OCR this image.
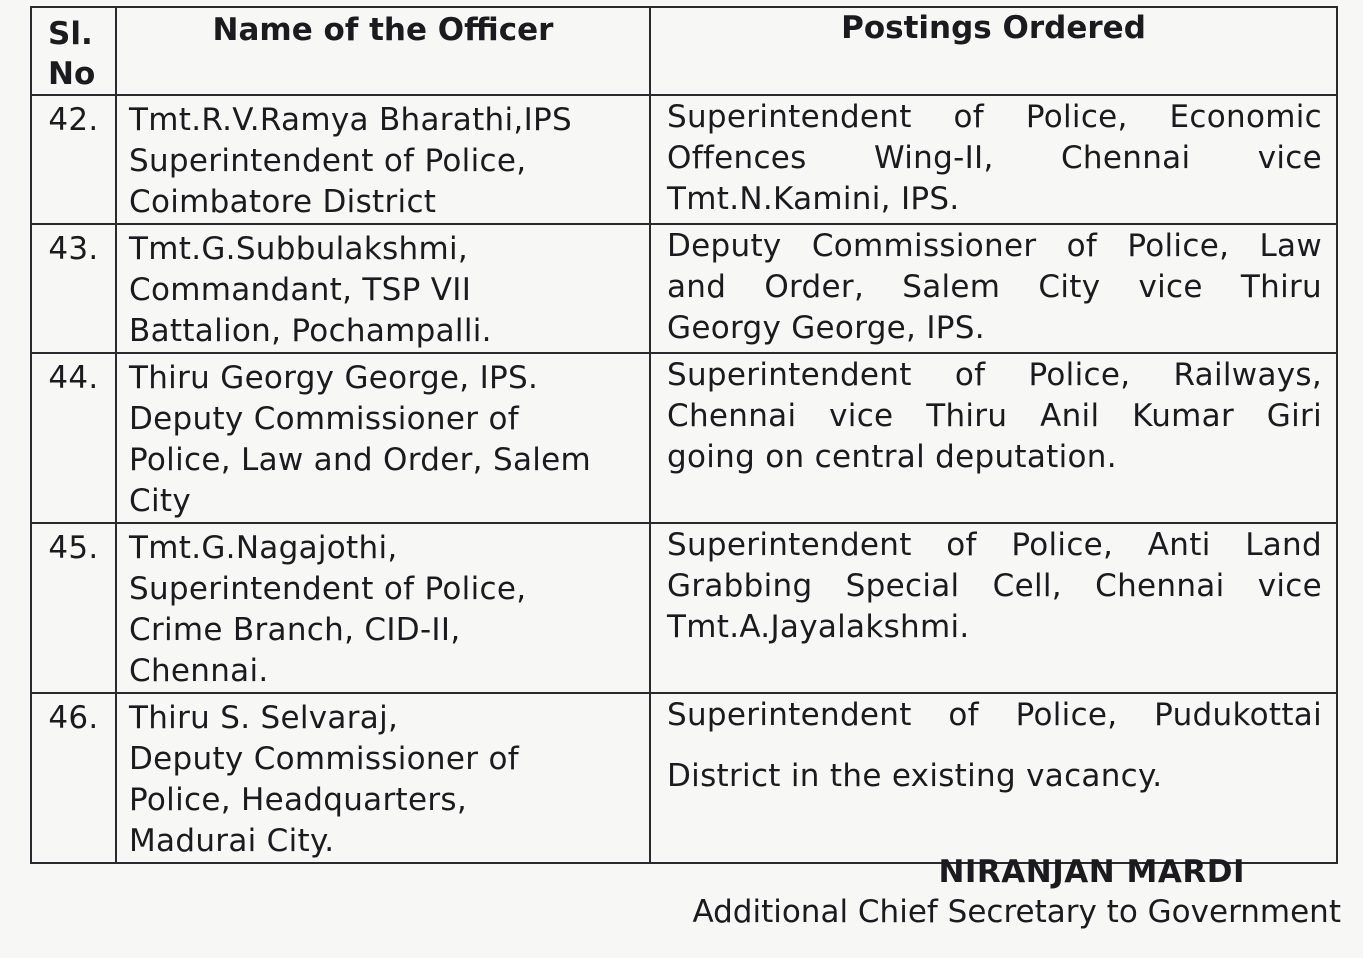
Sl. No	Name of the Officer	Postings Ordered
42.	Tmt.R.V.Ramya Bharathi,IPS
Superintendent of Police,
Coimbatore District	Superintendent of Police, Economic
Offences Wing-II, Chennai vice
Tmt.N.Kamini, IPS.

43.	Tmt.G.Subbulakshmi,
Commandant, TSP VII
Battalion, Pochampalli.	Deputy Commissioner of Police, Law
and Order, Salem City vice Thiru
Georgy George, IPS.

44.	Thiru Georgy George, IPS.
Deputy Commissioner of
Police, Law and Order, Salem
City	Superintendent of Police, Railways,
Chennai vice Thiru Anil Kumar Giri
going on central deputation.

45.	Tmt.G.Nagajothi,
Superintendent of Police,
Crime Branch, CID-II,
Chennai.	Superintendent of Police, Anti Land
Grabbing Special Cell, Chennai vice
Tmt.A.Jayalakshmi.

46.	Thiru S. Selvaraj,
Deputy Commissioner of
Police, Headquarters,
Madurai City.	Superintendent of Police, Pudukottai
District in the existing vacancy.
NIRANJAN MARDI
Additional Chief Secretary to Government
